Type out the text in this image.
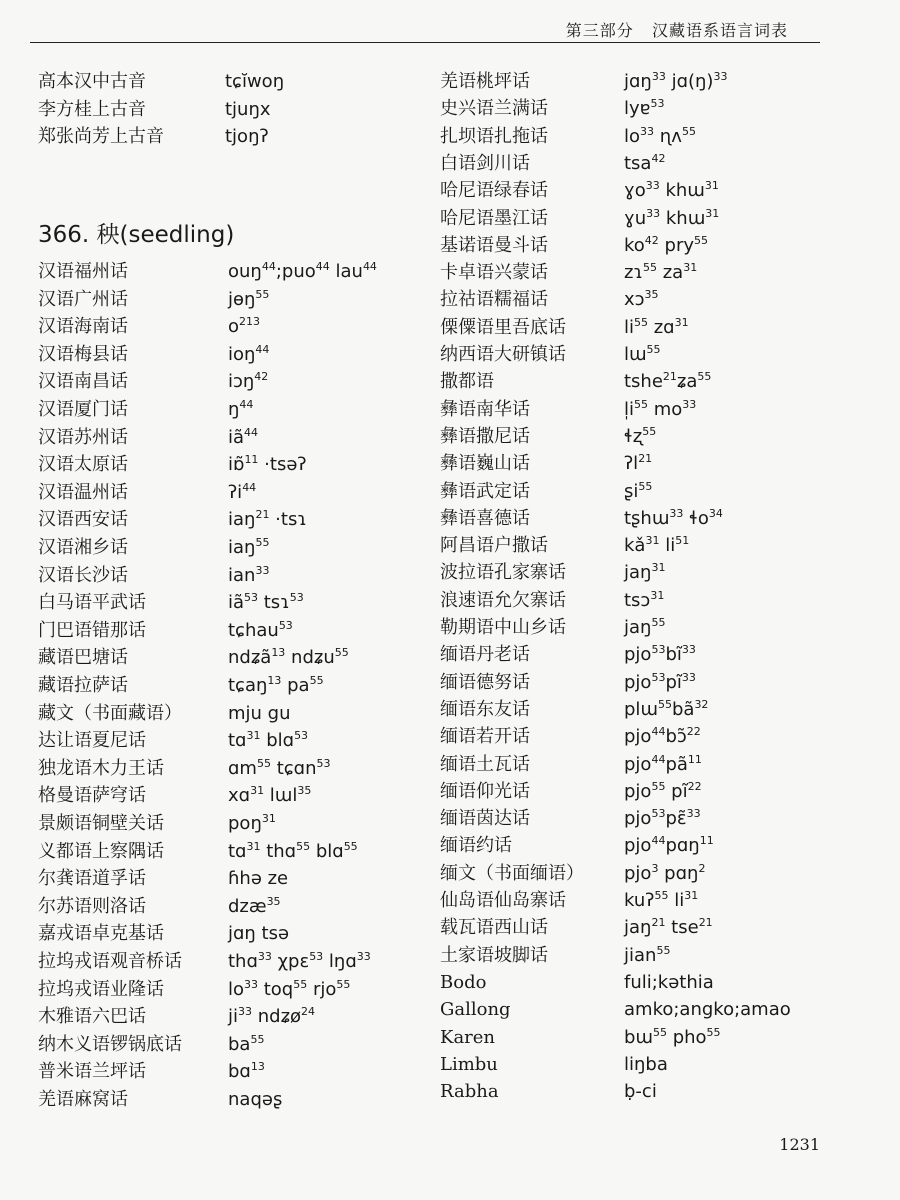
第三部分 汉藏语系语言词表
高本汉中古音	tɕĭwoŋ
李方桂上古音	tjuŋx
郑张尚芳上古音	tjoŋʔ
366. 秧(seedling)
汉语福州话	ouŋ$^{44}$;puo$^{44}$ lau$^{44}$
汉语广州话	jɵŋ$^{55}$
汉语海南话	$o^{213}$
汉语梅县话	ioŋ$^{44}$
汉语南昌话	iɔŋ$^{42}$
汉语厦门话	$ŋ^{44}$
汉语苏州话	$iã^{44}$
汉语太原话	iɒ̃$^{11}$ ·tsəʔ
汉语温州话	ʔi$^{44}$
汉语西安话	iaŋ$^{21}$ ·tsɿ
汉语湘乡话	iaŋ$^{55}$
汉语长沙话	ian$^{33}$
白马语平武话	$iã^{53}$ tsɿ$^{53}$
门巴语错那话	tɕhau$^{53}$
藏语巴塘话	ndʑã$^{13}$ ndʑu$^{55}$
藏语拉萨话	tɕaŋ$^{13}$ $pa^{55}$
藏文（书面藏语）	mju gu
达让语夏尼话	tɑ$^{31}$ blɑ$^{53}$
独龙语木力王话	ɑm$^{55}$ tɕɑn$^{53}$
格曼语萨穹话	xɑ$^{31}$ lɯl$^{35}$
景颇语铜壁关话	poŋ$^{31}$
义都语上察隅话	tɑ$^{31}$ thɑ$^{55}$ blɑ$^{55}$
尔龚语道孚话	ɦhə ze
尔苏语则洛话	dzæ$^{35}$
嘉戎语卓克基话	jɑŋ tsə
拉坞戎语观音桥话	thɑ$^{33}$ χpɛ$^{53}$ lŋɑ$^{33}$
拉坞戎语业隆话	$lo^{33}$ toq$^{55}$ rjo$^{55}$
木雅语六巴话	$ji^{33}$ ndʑø$^{24}$
纳木义语锣锅底话	$ba^{55}$
普米语兰坪话	bɑ$^{13}$
羌语麻窝话	naqəʂ
羌语桃坪话	jɑŋ$^{33}$ jɑ(ŋ)$^{33}$
史兴语兰满话	lyɐ$^{53}$
扎坝语扎拖话	$lo^{33}$ ɳʌ$^{55}$
白语剑川话	tsa$^{42}$
哈尼语绿春话	ɣo$^{33}$ khɯ$^{31}$
哈尼语墨江话	ɣu$^{33}$ khɯ$^{31}$
基诺语曼斗话	$ko^{42}$ pry$^{55}$
卡卓语兴蒙话	zɿ$^{55}$ $za^{31}$
拉祜语糯福话	xɔ$^{35}$
傈僳语里吾底话	$li^{55}$ zɑ$^{31}$
纳西语大研镇话	lɯ$^{55}$
撒都语	tshe$^{21}$ʑa$^{55}$
彝语南华话	$l̩i^{55}$ $mo^{33}$
彝语撒尼话	ɬʐ$^{55}$
彝语巍山话	ʔl$^{21}$
彝语武定话	ʂi$^{55}$
彝语喜德话	tʂhɯ$^{33}$ ɬo$^{34}$
阿昌语户撒话	$kǎ^{31}$ $li^{51}$
波拉语孔家寨话	jaŋ$^{31}$
浪速语允欠寨话	tsɔ$^{31}$
勒期语中山乡话	jaŋ$^{55}$
缅语丹老话	$pjo^{53}bĩ^{33}$
缅语德努话	$pjo^{53}pĩ^{33}$
缅语东友话	$plɯ^{55}bã^{32}$
缅语若开话	pjo$^{44}$bɔ̃$^{22}$
缅语土瓦话	$pjo^{44}pã^{11}$
缅语仰光话	pjo$^{55}$ $pĩ^{22}$
缅语茵达话	pjo$^{53}$pɛ̃$^{33}$
缅语约话	pjo$^{44}$pɑŋ$^{11}$
缅文（书面缅语） pjo$^3$ pɑŋ$^2$
仙岛语仙岛寨话	kuʔ$^{55}$ $li^{31}$
载瓦语西山话	jaŋ$^{21}$ tse$^{21}$
土家语坡脚话	jian$^{55}$
Bodo	fuli;kəthia
Gallong	amko;angko;amao
Karen	bɯ$^{55}$ pho$^{55}$
Limbu	liŋba
Rabha	ḅ-ci
1231
